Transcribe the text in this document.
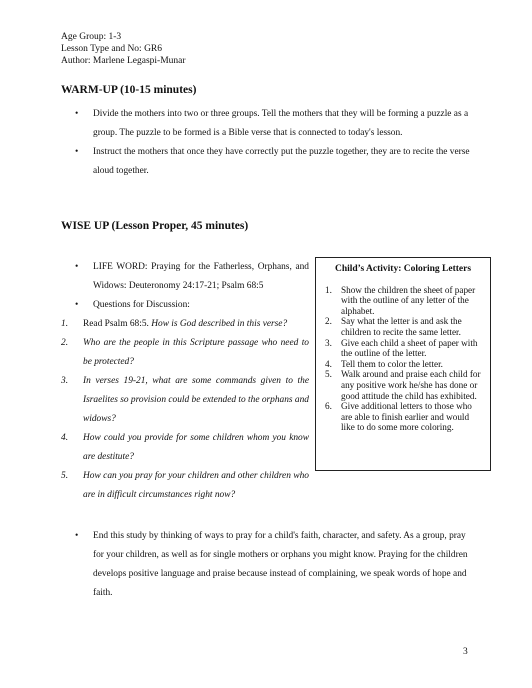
Age Group: 1-3
Lesson Type and No: GR6
Author: Marlene Legaspi-Munar
WARM-UP (10-15 minutes)
• Divide the mothers into two or three groups. Tell the mothers that they will be forming a puzzle as a group. The puzzle to be formed is a Bible verse that is connected to today's lesson.
• Instruct the mothers that once they have correctly put the puzzle together, they are to recite the verse aloud together.
WISE UP (Lesson Proper, 45 minutes)
• LIFE WORD: Praying for the Fatherless, Orphans, and Widows: Deuteronomy 24:17-21; Psalm 68:5
• Questions for Discussion:
1. Read Psalm 68:5. How is God described in this verse?
2. Who are the people in this Scripture passage who need to be protected?
3. In verses 19-21, what are some commands given to the Israelites so provision could be extended to the orphans and widows?
4. How could you provide for some children whom you know are destitute?
5. How can you pray for your children and other children who are in difficult circumstances right now?
Child’s Activity: Coloring Letters
1. Show the children the sheet of paper with the outline of any letter of the alphabet.
2. Say what the letter is and ask the children to recite the same letter.
3. Give each child a sheet of paper with the outline of the letter.
4. Tell them to color the letter.
5. Walk around and praise each child for any positive work he/she has done or good attitude the child has exhibited.
6. Give additional letters to those who are able to finish earlier and would like to do some more coloring.
• End this study by thinking of ways to pray for a child's faith, character, and safety. As a group, pray for your children, as well as for single mothers or orphans you might know. Praying for the children develops positive language and praise because instead of complaining, we speak words of hope and faith.
3
